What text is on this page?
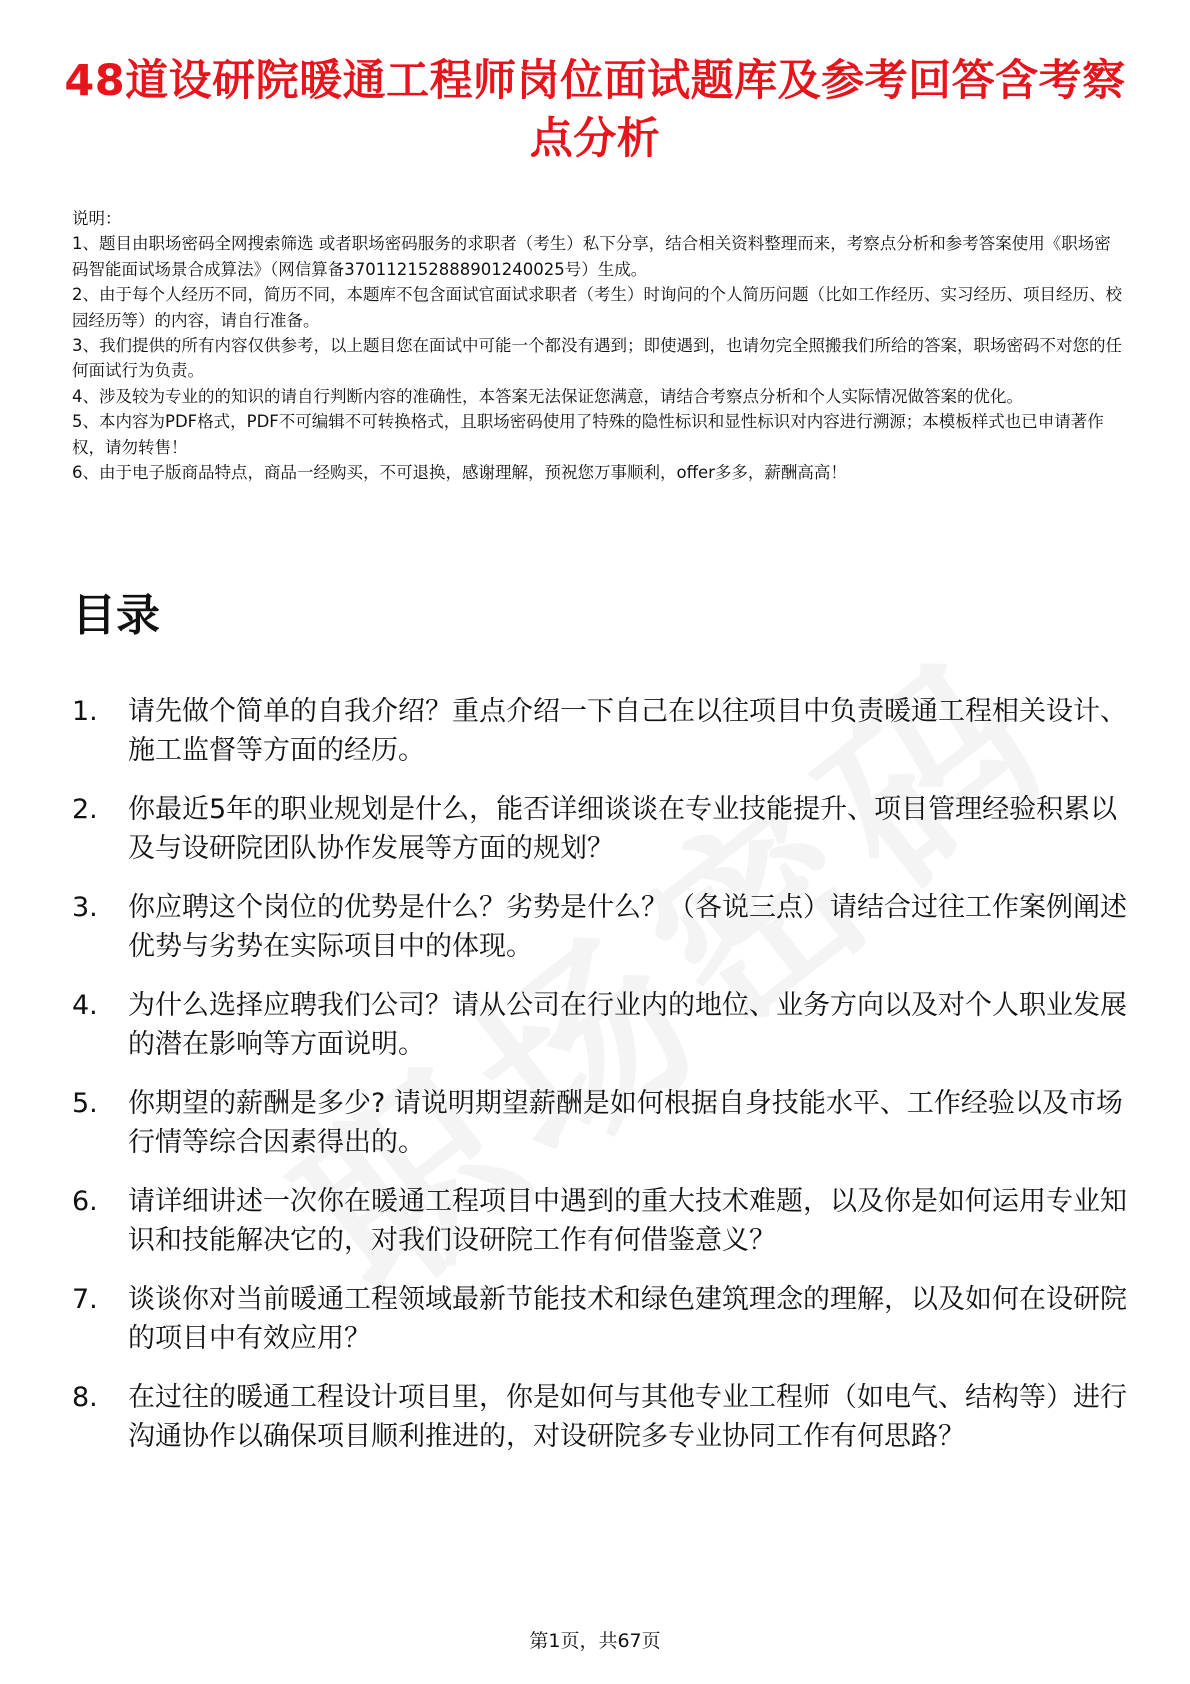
48道设研院暖通工程师岗位面试题库及参考回答含考察点分析

说明：

1、题目由职场密码全网搜索筛选 或者职场密码服务的求职者（考生）私下分享，结合相关资料整理而来，考察点分析和参考答案使用《职场密码智能面试场景合成算法》（网信算备370112152888901240025号）生成。

2、由于每个人经历不同，简历不同，本题库不包含面试官面试求职者（考生）时询问的个人简历问题（比如工作经历、实习经历、项目经历、校园经历等）的内容，请自行准备。

3、我们提供的所有内容仅供参考，以上题目您在面试中可能一个都没有遇到；即使遇到，也请勿完全照搬我们所给的答案，职场密码不对您的任何面试行为负责。

4、涉及较为专业的的知识的请自行判断内容的准确性，本答案无法保证您满意，请结合考察点分析和个人实际情况做答案的优化。

5、本内容为PDF格式，PDF不可编辑不可转换格式，且职场密码使用了特殊的隐性标识和显性标识对内容进行溯源；本模板样式也已申请著作权，请勿转售！

6、由于电子版商品特点，商品一经购买，不可退换，感谢理解，预祝您万事顺利，offer多多，薪酬高高！

目录
1.	请先做个简单的自我介绍？重点介绍一下自己在以往项目中负责暖通工程相关设计、施工监督等方面的经历。
2.	你最近5年的职业规划是什么，能否详细谈谈在专业技能提升、项目管理经验积累以及与设研院团队协作发展等方面的规划？
3.	你应聘这个岗位的优势是什么？劣势是什么？（各说三点）请结合过往工作案例阐述优势与劣势在实际项目中的体现。
4.	为什么选择应聘我们公司？请从公司在行业内的地位、业务方向以及对个人职业发展的潜在影响等方面说明。
5.	你期望的薪酬是多少? 请说明期望薪酬是如何根据自身技能水平、工作经验以及市场行情等综合因素得出的。
6.	请详细讲述一次你在暖通工程项目中遇到的重大技术难题，以及你是如何运用专业知识和技能解决它的，对我们设研院工作有何借鉴意义？
7.	谈谈你对当前暖通工程领域最新节能技术和绿色建筑理念的理解，以及如何在设研院的项目中有效应用？
8.	在过往的暖通工程设计项目里，你是如何与其他专业工程师（如电气、结构等）进行沟通协作以确保项目顺利推进的，对设研院多专业协同工作有何思路？
第1页，共67页
